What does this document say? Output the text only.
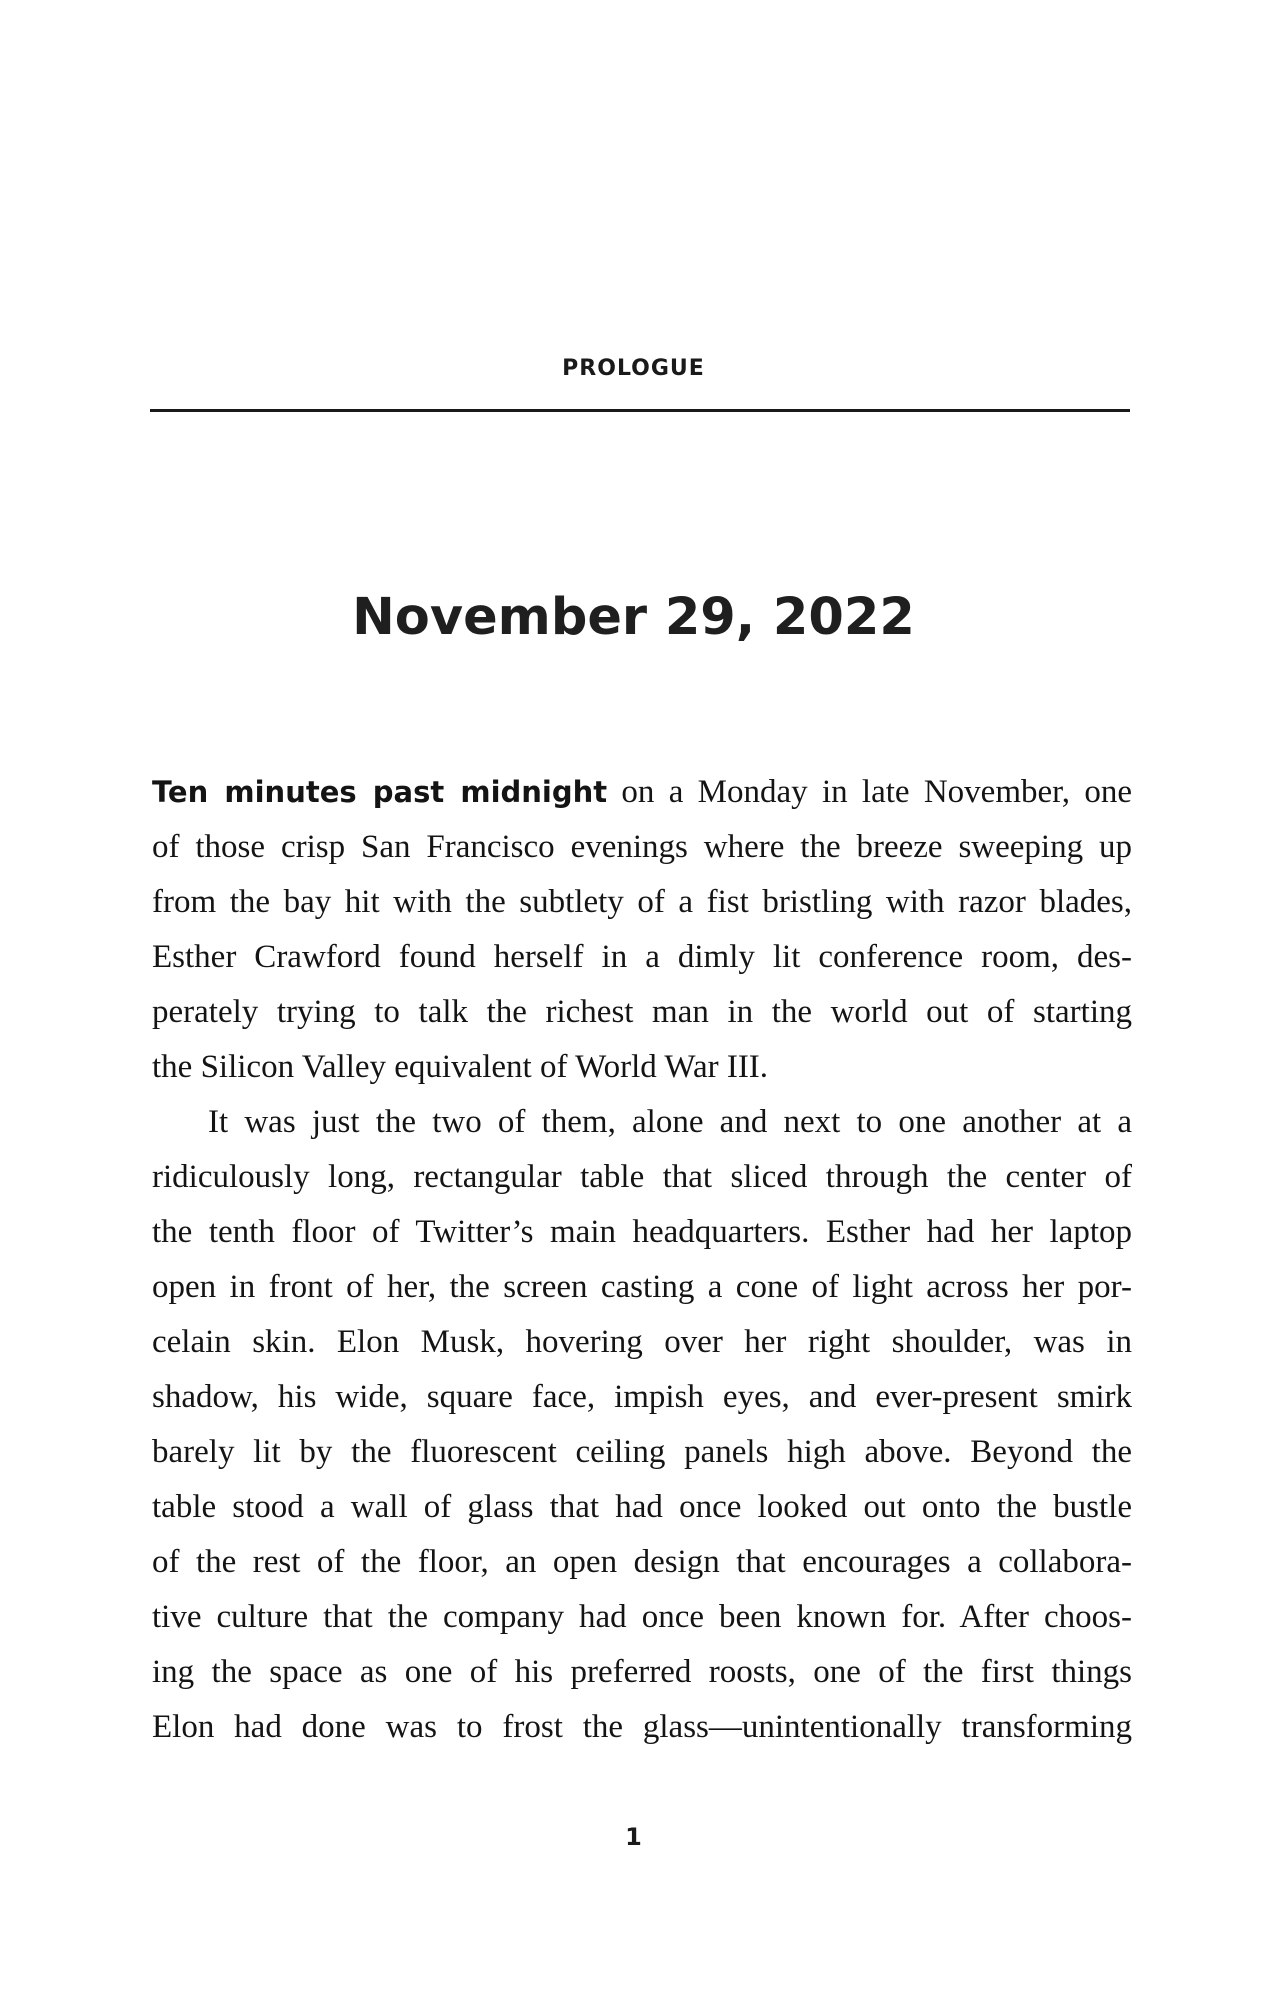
PROLOGUE
November 29, 2022
Ten minutes past midnight on a Monday in late November, one
of those crisp San Francisco evenings where the breeze sweeping up
from the bay hit with the subtlety of a fist bristling with razor blades,
Esther Crawford found herself in a dimly lit conference room, des-
perately trying to talk the richest man in the world out of starting
the Silicon Valley equivalent of World War III.
It was just the two of them, alone and next to one another at a
ridiculously long, rectangular table that sliced through the center of
the tenth floor of Twitter’s main headquarters. Esther had her laptop
open in front of her, the screen casting a cone of light across her por-
celain skin. Elon Musk, hovering over her right shoulder, was in
shadow, his wide, square face, impish eyes, and ever-present smirk
barely lit by the fluorescent ceiling panels high above. Beyond the
table stood a wall of glass that had once looked out onto the bustle
of the rest of the floor, an open design that encourages a collabora-
tive culture that the company had once been known for. After choos-
ing the space as one of his preferred roosts, one of the first things
Elon had done was to frost the glass—unintentionally transforming
1
